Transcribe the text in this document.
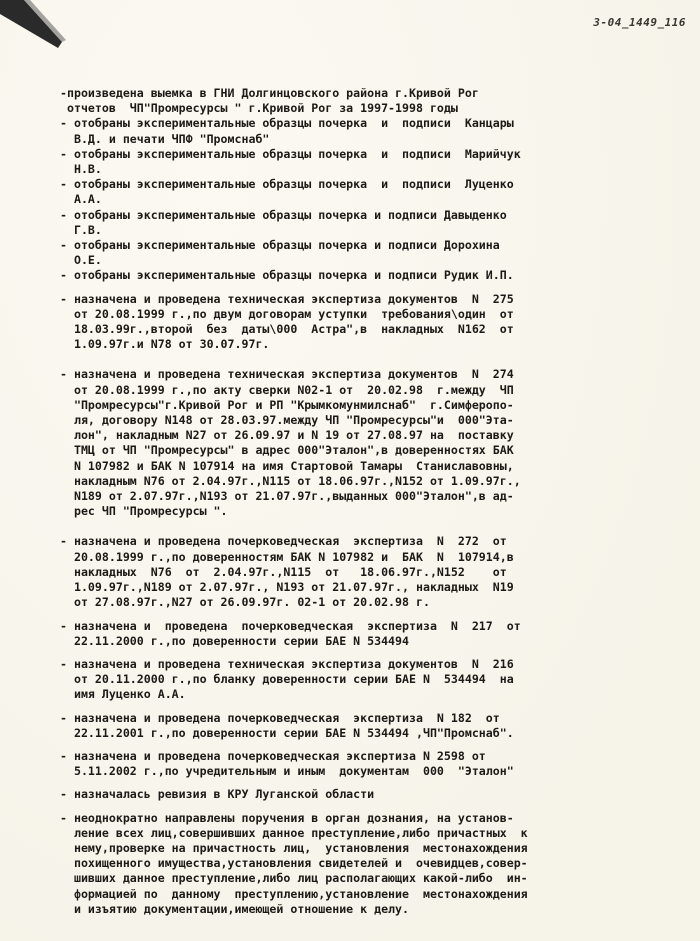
3-04_1449_116
-произведена выемка в ГНИ Долгинцовского района г.Кривой Рог
отчетов  ЧП"Промресурсы " г.Кривой Рог за 1997-1998 годы
- отобраны экспериментальные образцы почерка  и  подписи  Канцары
В.Д. и печати ЧПФ "Промснаб"
- отобраны экспериментальные образцы почерка  и  подписи  Марийчук
Н.В.
- отобраны экспериментальные образцы почерка  и  подписи  Луценко
А.А.
- отобраны экспериментальные образцы почерка и подписи Давыденко
Г.В.
- отобраны экспериментальные образцы почерка и подписи Дорохина
О.Е.
- отобраны экспериментальные образцы почерка и подписи Рудик И.П.
- назначена и проведена техническая экспертиза документов  N  275
от 20.08.1999 г.,по двум договорам уступки  требования\один  от
18.03.99г.,второй  без  даты\000  Астра",в  накладных  N162  от
1.09.97г.и N78 от 30.07.97г.
- назначена и проведена техническая экспертиза документов  N  274
от 20.08.1999 г.,по акту сверки N02-1 от  20.02.98  г.между  ЧП
"Промресурсы"г.Кривой Рог и РП "Крымкомунмилснаб"  г.Симферопо-
ля, договору N148 от 28.03.97.между ЧП "Промресурсы"и  000"Эта-
лон", накладным N27 от 26.09.97 и N 19 от 27.08.97 на  поставку
ТМЦ от ЧП "Промресурсы" в адрес 000"Эталон",в доверенностях БАК
N 107982 и БАК N 107914 на имя Стартовой Тамары  Станиславовны,
накладным N76 от 2.04.97г.,N115 от 18.06.97г.,N152 от 1.09.97г.,
N189 от 2.07.97г.,N193 от 21.07.97г.,выданных 000"Эталон",в ад-
рес ЧП "Промресурсы ".
- назначена и проведена почерковедческая  экспертиза  N  272  от
20.08.1999 г.,по доверенностям БАК N 107982 и  БАК  N  107914,в
накладных  N76  от  2.04.97г.,N115  от   18.06.97г.,N152    от
1.09.97г.,N189 от 2.07.97г., N193 от 21.07.97г., накладных  N19
от 27.08.97г.,N27 от 26.09.97г. 02-1 от 20.02.98 г.
- назначена и  проведена  почерковедческая  экспертиза  N  217  от
22.11.2000 г.,по доверенности серии БАЕ N 534494
- назначена и проведена техническая экспертиза документов  N  216
от 20.11.2000 г.,по бланку доверенности серии БАЕ N  534494  на
имя Луценко А.А.
- назначена и проведена почерковедческая  экспертиза  N 182  от
22.11.2001 г.,по доверенности серии БАЕ N 534494 ,ЧП"Промснаб".
- назначена и проведена почерковедческая экспертиза N 2598 от
5.11.2002 г.,по учредительным и иным  документам  000  "Эталон"
- назначалась ревизия в КРУ Луганской области
- неоднократно направлены поручения в орган дознания, на установ-
ление всех лиц,совершивших данное преступление,либо причастных  к
нему,проверке на причастность лиц,  установления  местонахождения
похищенного имущества,установления свидетелей и  очевидцев,совер-
шивших данное преступление,либо лиц располагающих какой-либо  ин-
формацией по  данному  преступлению,установление  местонахождения
и изъятию документации,имеющей отношение к делу.
